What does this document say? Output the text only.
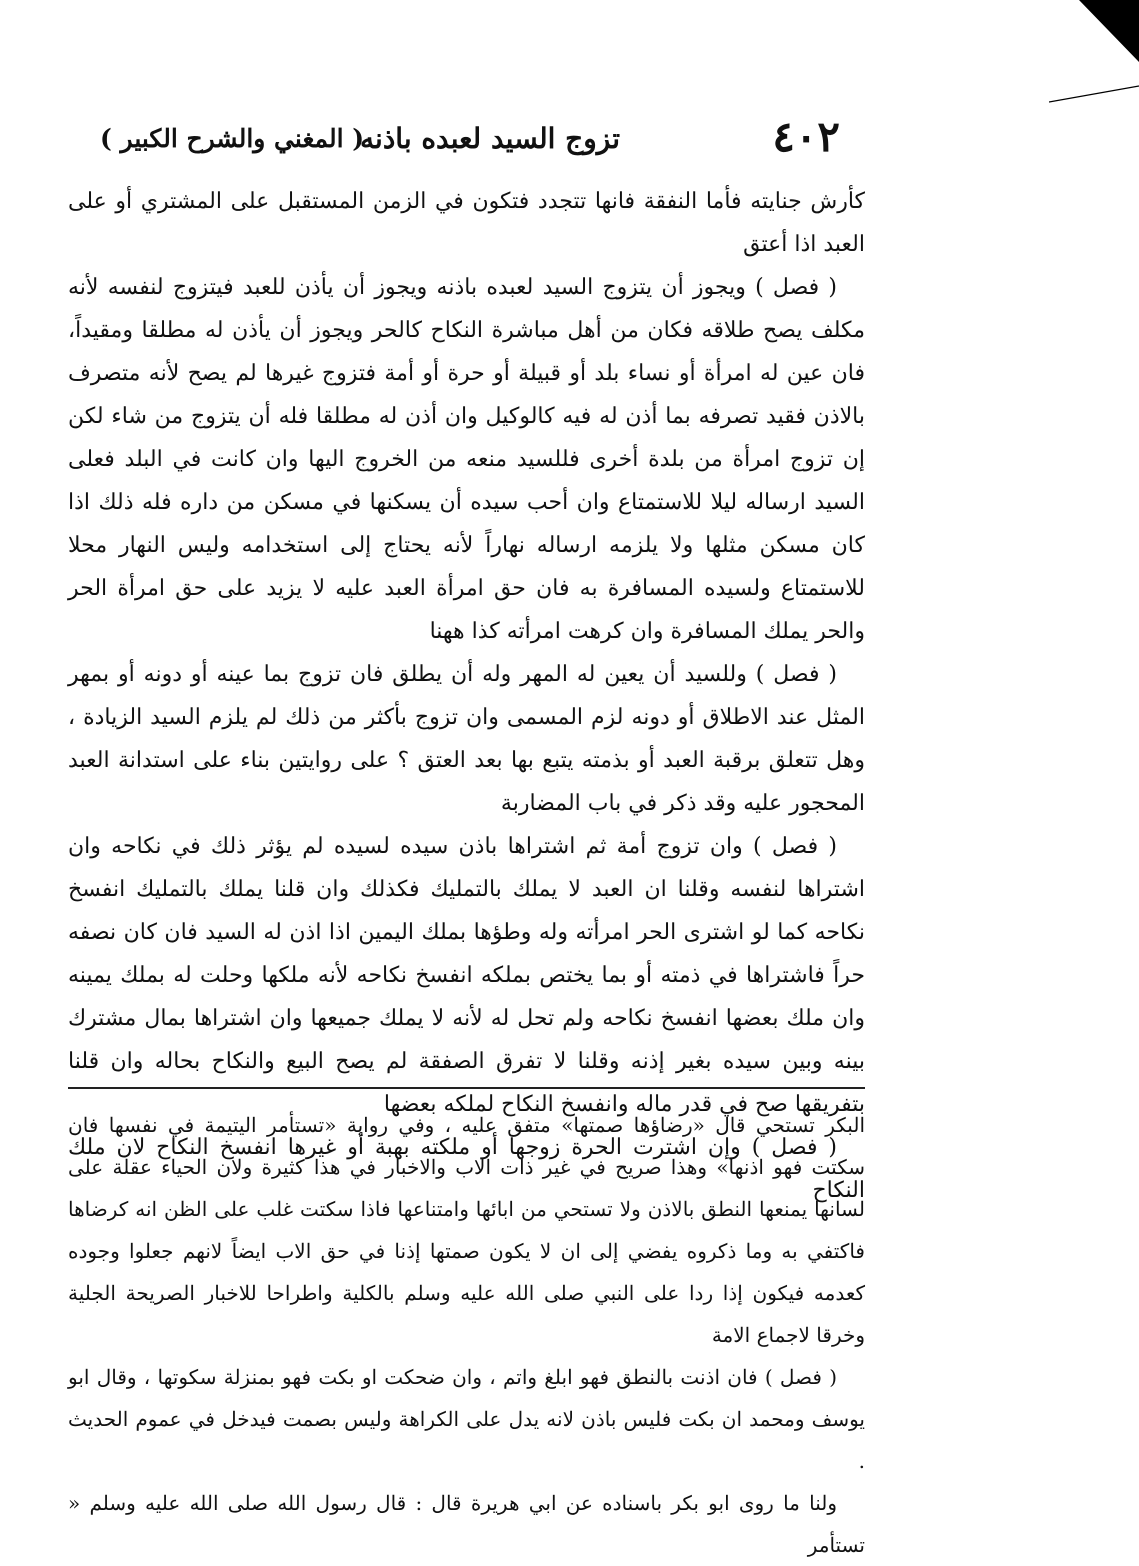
٤٠٢
تزوج السيد لعبده باذنه
( المغني والشرح الكبير )

كأرش جنايته فأما النفقة فانها تتجدد فتكون في الزمن المستقبل على المشتري أو على العبد اذا أعتق

( فصل ) ويجوز أن يتزوج السيد لعبده باذنه ويجوز أن يأذن للعبد فيتزوج لنفسه لأنه مكلف يصح طلاقه فكان من أهل مباشرة النكاح كالحر ويجوز أن يأذن له مطلقا ومقيداً، فان عين له امرأة أو نساء بلد أو قبيلة أو حرة أو أمة فتزوج غيرها لم يصح لأنه متصرف بالاذن فقيد تصرفه بما أذن له فيه كالوكيل وان أذن له مطلقا فله أن يتزوج من شاء لكن إن تزوج امرأة من بلدة أخرى فللسيد منعه من الخروج اليها وان كانت في البلد فعلى السيد ارساله ليلا للاستمتاع وان أحب سيده أن يسكنها في مسكن من داره فله ذلك اذا كان مسكن مثلها ولا يلزمه ارساله نهاراً لأنه يحتاج إلى استخدامه وليس النهار محلا للاستمتاع ولسيده المسافرة به فان حق امرأة العبد عليه لا يزيد على حق امرأة الحر والحر يملك المسافرة وان كرهت امرأته كذا ههنا

( فصل ) وللسيد أن يعين له المهر وله أن يطلق فان تزوج بما عينه أو دونه أو بمهر المثل عند الاطلاق أو دونه لزم المسمى وان تزوج بأكثر من ذلك لم يلزم السيد الزيادة ، وهل تتعلق برقبة العبد أو بذمته يتبع بها بعد العتق ؟ على روايتين بناء على استدانة العبد المحجور عليه وقد ذكر في باب المضاربة

( فصل ) وان تزوج أمة ثم اشتراها باذن سيده لسيده لم يؤثر ذلك في نكاحه وان اشتراها لنفسه وقلنا ان العبد لا يملك بالتمليك فكذلك وان قلنا يملك بالتمليك انفسخ نكاحه كما لو اشترى الحر امرأته وله وطؤها بملك اليمين اذا اذن له السيد فان كان نصفه حراً فاشتراها في ذمته أو بما يختص بملكه انفسخ نكاحه لأنه ملكها وحلت له بملك يمينه وان ملك بعضها انفسخ نكاحه ولم تحل له لأنه لا يملك جميعها وان اشتراها بمال مشترك بينه وبين سيده بغير إذنه وقلنا لا تفرق الصفقة لم يصح البيع والنكاح بحاله وان قلنا بتفريقها صح في قدر ماله وانفسخ النكاح لملكه بعضها

( فصل ) وإن اشترت الحرة زوجها أو ملكته بهبة أو غيرها انفسخ النكاح لان ملك النكاح

البكر تستحي قال «رضاؤها صمتها» متفق عليه ، وفي رواية «تستأمر اليتيمة في نفسها فان سكتت فهو اذنها» وهذا صريح في غير ذات الاب والاخبار في هذا كثيرة ولان الحياء عقلة على لسانها يمنعها النطق بالاذن ولا تستحي من ابائها وامتناعها فاذا سكتت غلب على الظن انه كرضاها فاكتفي به وما ذكروه يفضي إلى ان لا يكون صمتها إذنا في حق الاب ايضاً لانهم جعلوا وجوده كعدمه فيكون إذا ردا على النبي صلى الله عليه وسلم بالكلية واطراحا للاخبار الصريحة الجلية وخرقا لاجماع الامة

( فصل ) فان اذنت بالنطق فهو ابلغ واتم ، وان ضحكت او بكت فهو بمنزلة سكوتها ، وقال ابو يوسف ومحمد ان بكت فليس باذن لانه يدل على الكراهة وليس بصمت فيدخل في عموم الحديث .

ولنا ما روى ابو بكر باسناده عن ابي هريرة قال : قال رسول الله صلى الله عليه وسلم « تستأمر
